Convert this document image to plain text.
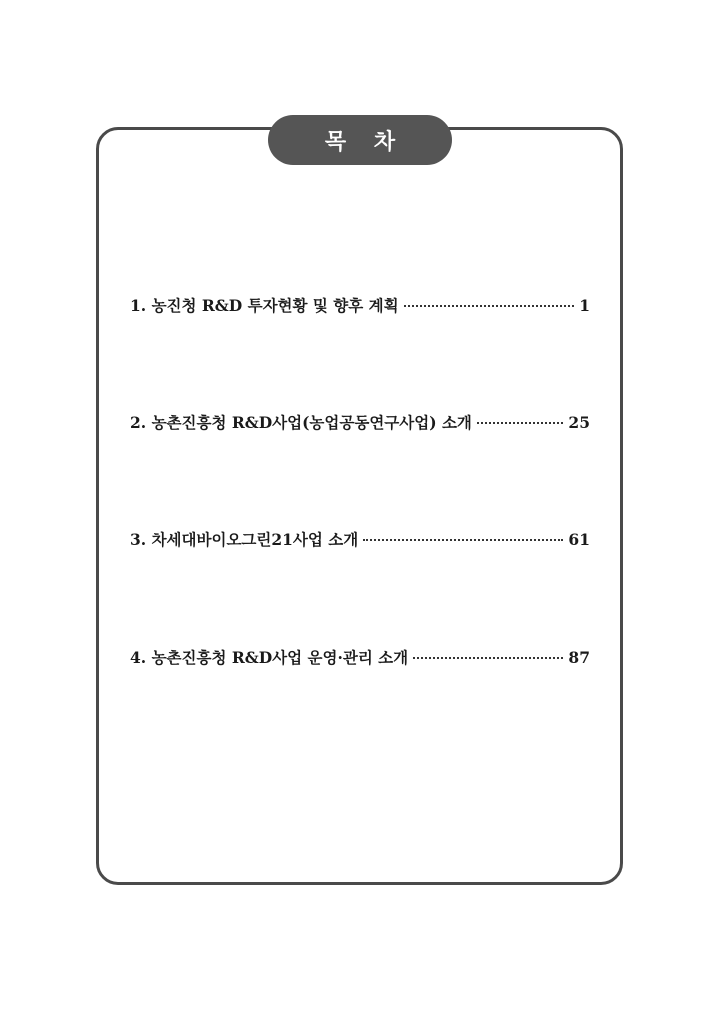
목 차
1. 농진청 R&D 투자현황 및 향후 계획	1
2. 농촌진흥청 R&D사업(농업공동연구사업) 소개	25
3. 차세대바이오그린21사업 소개	61
4. 농촌진흥청 R&D사업 운영·관리 소개	87
